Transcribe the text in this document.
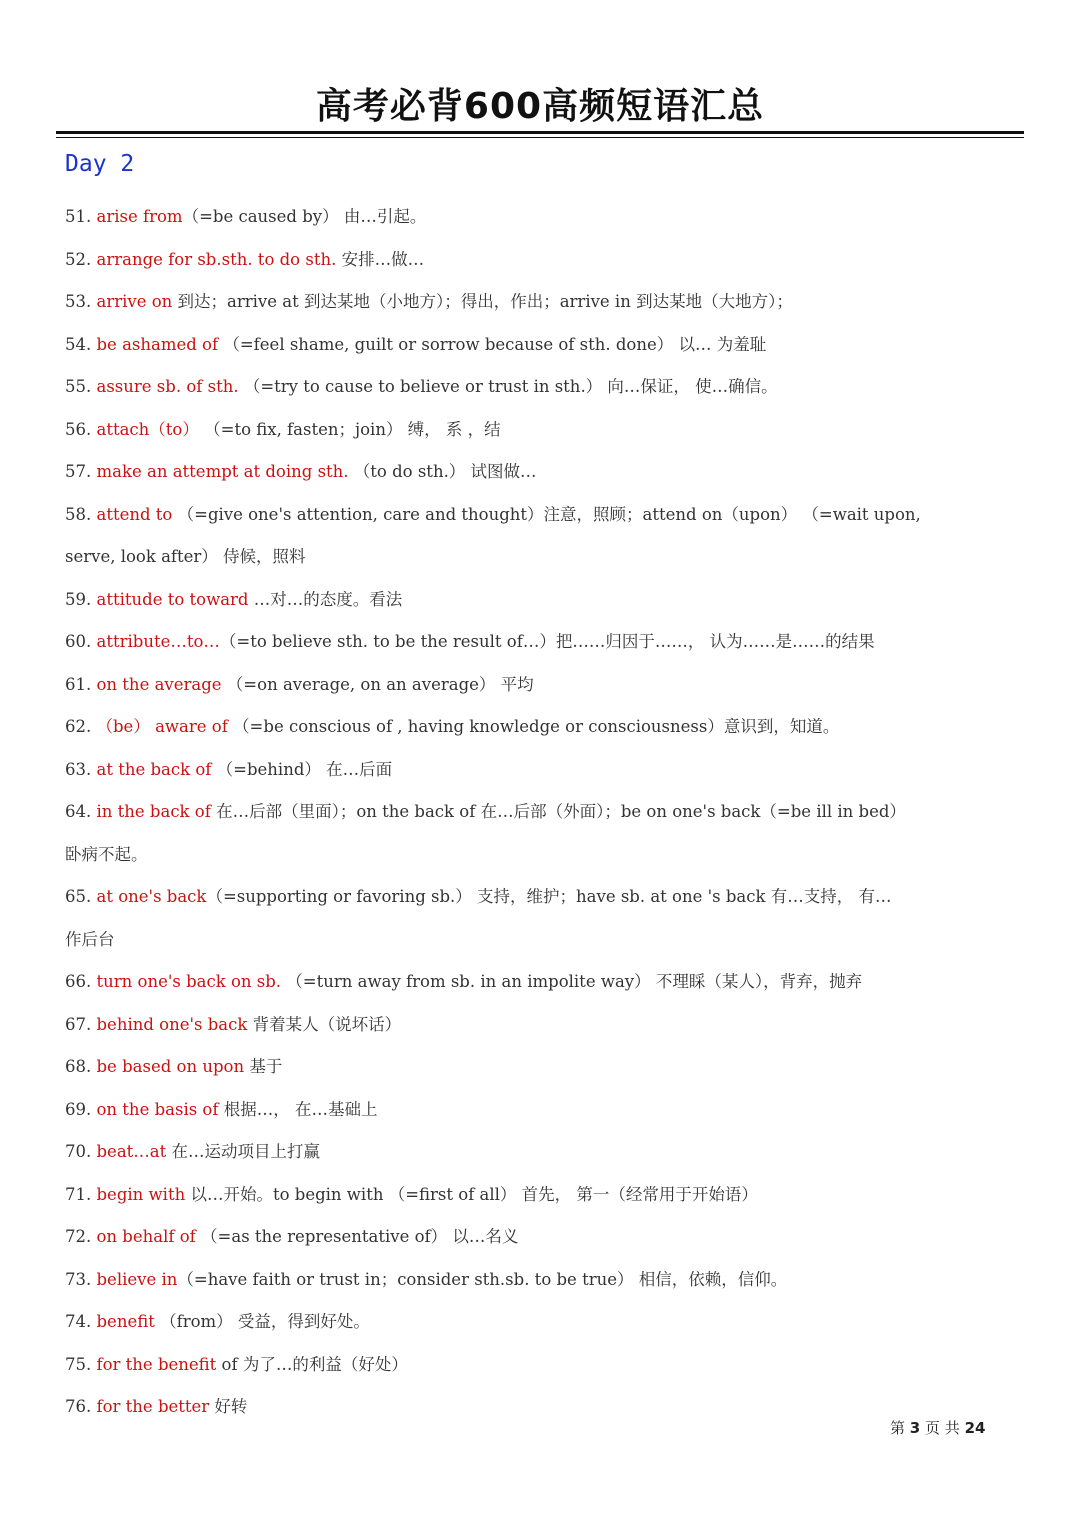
高考必背600高频短语汇总
Day 2
51. arise from（=be caused by） 由…引起。
52. arrange for sb.sth. to do sth. 安排…做…
53. arrive on 到达；arrive at 到达某地（小地方）；得出，作出；arrive in 到达某地（大地方）；
54. be ashamed of （=feel shame, guilt or sorrow because of sth. done） 以… 为羞耻
55. assure sb. of sth. （=try to cause to believe or trust in sth.） 向…保证， 使…确信。
56. attach（to） （=to fix, fasten；join） 缚， 系 ，结
57. make an attempt at doing sth. （to do sth.） 试图做…
58. attend to （=give one's attention, care and thought）注意，照顾；attend on（upon） （=wait upon,
serve, look after） 侍候，照料
59. attitude to toward …对…的态度。看法
60. attribute…to…（=to believe sth. to be the result of…）把……归因于……， 认为……是……的结果
61. on the average （=on average, on an average） 平均
62. （be） aware of （=be conscious of , having knowledge or consciousness）意识到，知道。
63. at the back of （=behind） 在…后面
64. in the back of 在…后部（里面）；on the back of 在…后部（外面）；be on one's back（=be ill in bed）
卧病不起。
65. at one's back（=supporting or favoring sb.） 支持，维护；have sb. at one 's back 有…支持， 有…
作后台
66. turn one's back on sb. （=turn away from sb. in an impolite way） 不理睬（某人），背弃，抛弃
67. behind one's back 背着某人（说坏话）
68. be based on upon 基于
69. on the basis of 根据…， 在…基础上
70. beat…at 在…运动项目上打赢
71. begin with 以…开始。to begin with （=first of all） 首先， 第一（经常用于开始语）
72. on behalf of （=as the representative of） 以…名义
73. believe in（=have faith or trust in；consider sth.sb. to be true） 相信，依赖，信仰。
74. benefit （from） 受益，得到好处。
75. for the benefit of 为了…的利益（好处）
76. for the better 好转
第 3 页 共 24
